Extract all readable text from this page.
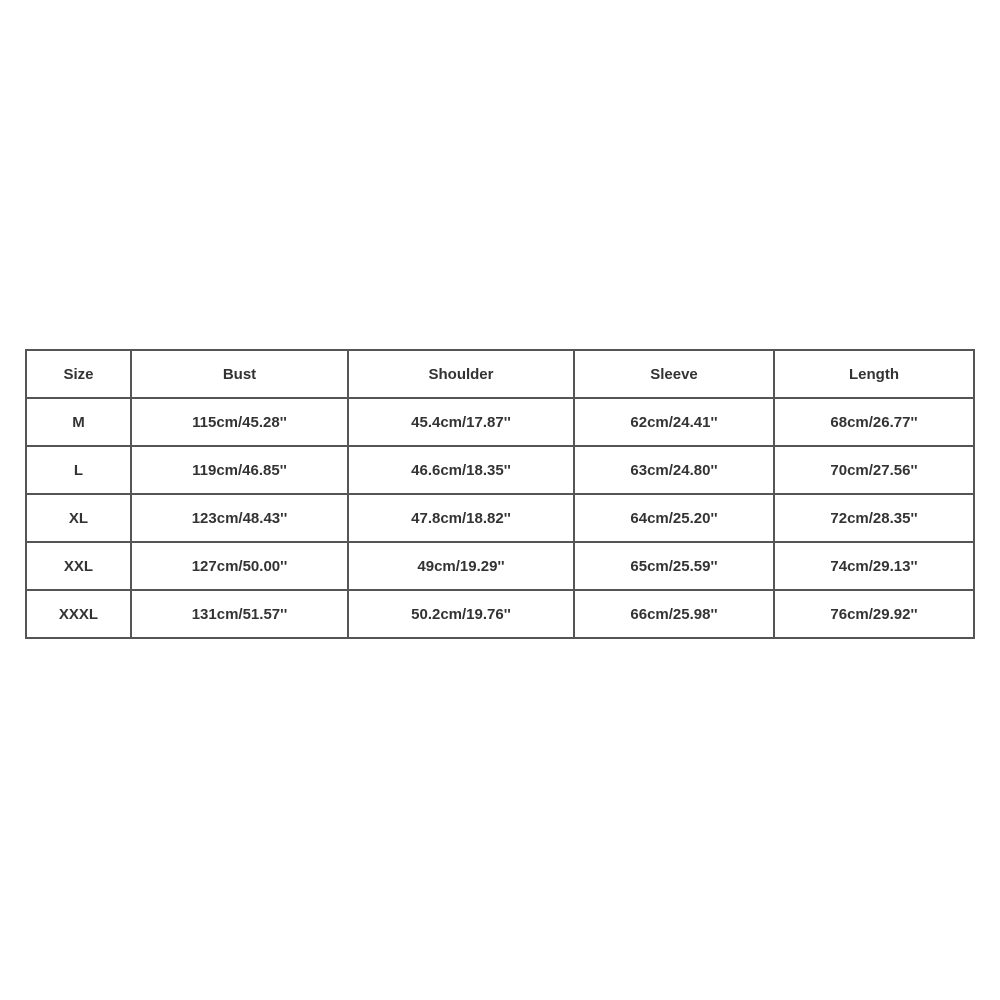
Size	Bust	Shoulder	Sleeve	Length
M	115cm/45.28''	45.4cm/17.87''	62cm/24.41''	68cm/26.77''
L	119cm/46.85''	46.6cm/18.35''	63cm/24.80''	70cm/27.56''
XL	123cm/48.43''	47.8cm/18.82''	64cm/25.20''	72cm/28.35''
XXL	127cm/50.00''	49cm/19.29''	65cm/25.59''	74cm/29.13''
XXXL	131cm/51.57''	50.2cm/19.76''	66cm/25.98''	76cm/29.92''
